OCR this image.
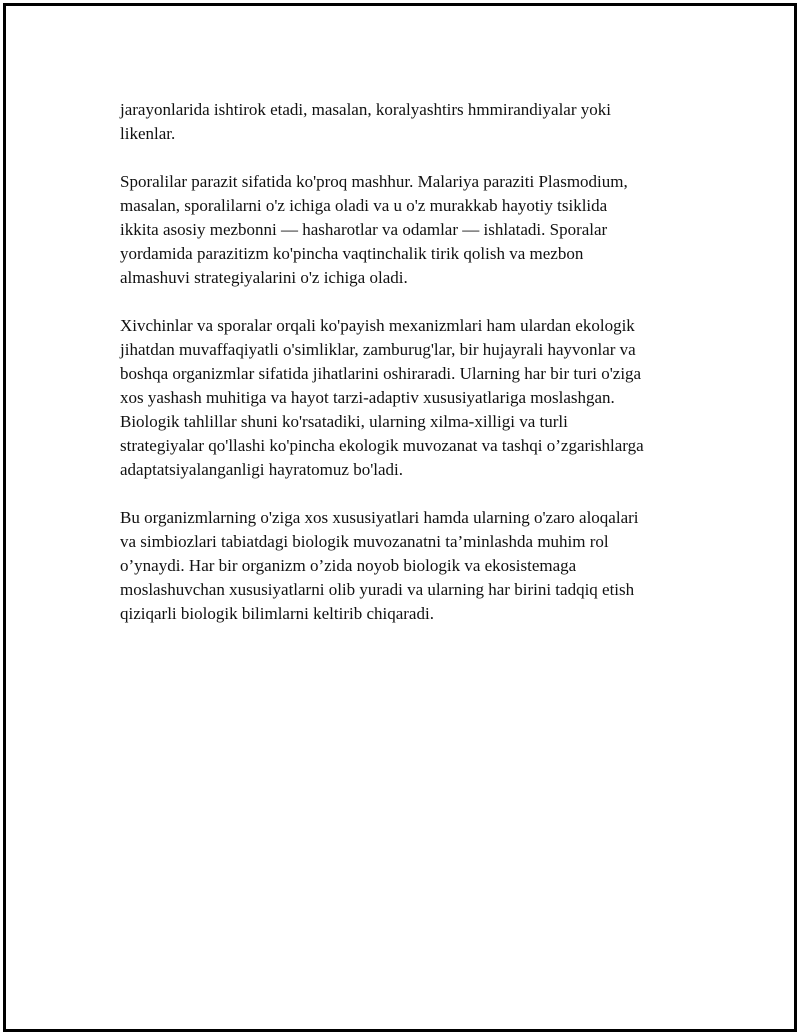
jarayonlarida ishtirok etadi, masalan, koralyashtirs hmmirandiyalar yoki
likenlar.

Sporalilar parazit sifatida ko'proq mashhur. Malariya paraziti Plasmodium,
masalan, sporalilarni o'z ichiga oladi va u o'z murakkab hayotiy tsiklida
ikkita asosiy mezbonni — hasharotlar va odamlar — ishlatadi. Sporalar
yordamida parazitizm ko'pincha vaqtinchalik tirik qolish va mezbon
almashuvi strategiyalarini o'z ichiga oladi.

Xivchinlar va sporalar orqali ko'payish mexanizmlari ham ulardan ekologik
jihatdan muvaffaqiyatli o'simliklar, zamburug'lar, bir hujayrali hayvonlar va
boshqa organizmlar sifatida jihatlarini oshiraradi. Ularning har bir turi o'ziga
xos yashash muhitiga va hayot tarzi-adaptiv xususiyatlariga moslashgan.
Biologik tahlillar shuni ko'rsatadiki, ularning xilma-xilligi va turli
strategiyalar qo'llashi ko'pincha ekologik muvozanat va tashqi o’zgarishlarga
adaptatsiyalanganligi hayratomuz bo'ladi.

Bu organizmlarning o'ziga xos xususiyatlari hamda ularning o'zaro aloqalari
va simbiozlari tabiatdagi biologik muvozanatni ta’minlashda muhim rol
o’ynaydi. Har bir organizm o’zida noyob biologik va ekosistemaga
moslashuvchan xususiyatlarni olib yuradi va ularning har birini tadqiq etish
qiziqarli biologik bilimlarni keltirib chiqaradi.
